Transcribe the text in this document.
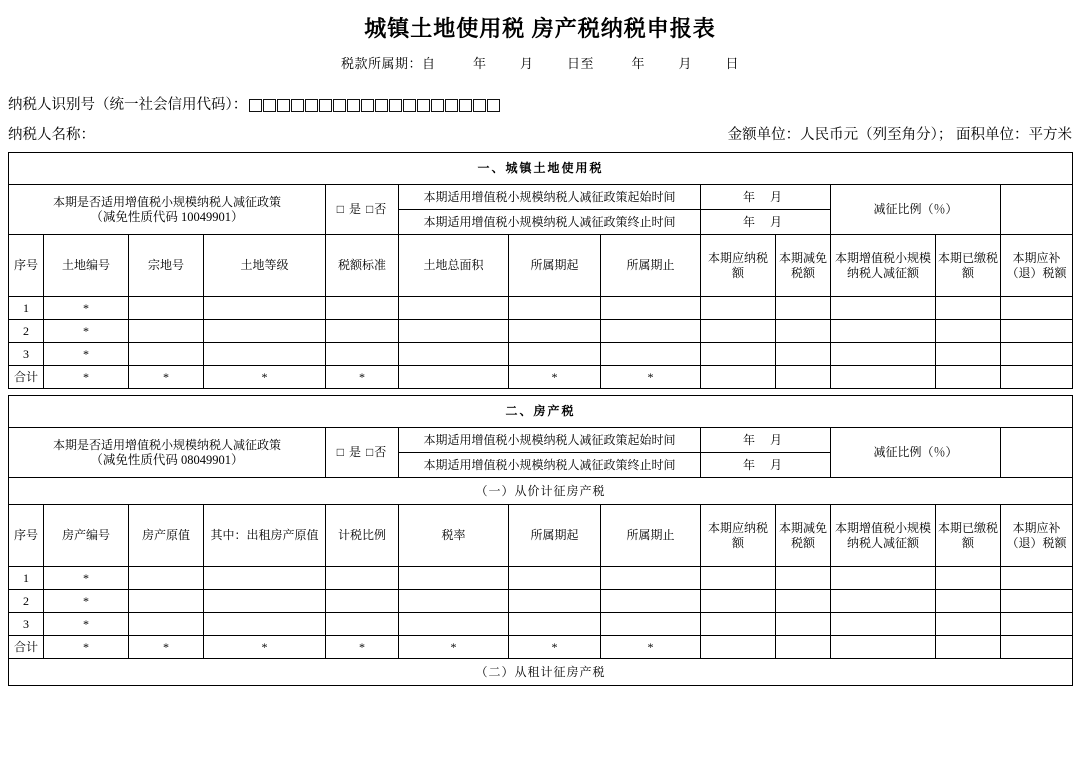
城镇土地使用税 房产税纳税申报表
税款所属期：自	年	月	日至	年	月	日
纳税人识别号（统一社会信用代码）：
纳税人名称：	金额单位：人民币元（列至角分）； 面积单位：平方米
一、城镇土地使用税												

本期是否适用增值税小规模纳税人减征政策
（减免性质代码 10049901）				□ 是 □否	本期适用增值税小规模纳税人减征政策起始时间			年 月		减征比例（％）		
					本期适用增值税小规模纳税人减征政策终止时间			年 月				
序号	土地编号	宗地号	土地等级	税额标准	土地总面积	所属期起	所属期止	本期应纳税额	本期减免税额	本期增值税小规模纳税人减征额	本期已缴税额	本期应补（退）税额
1	*											
2	*											
3	*											
合计	*	*	*	*		*	*					
二、房产税												

本期是否适用增值税小规模纳税人减征政策
（减免性质代码 08049901）				□ 是 □否	本期适用增值税小规模纳税人减征政策起始时间			年 月		减征比例（％）		
					本期适用增值税小规模纳税人减征政策终止时间			年 月				
（一）从价计征房产税												
序号	房产编号	房产原值	其中：出租房产原值	计税比例	税率	所属期起	所属期止	本期应纳税额	本期减免税额	本期增值税小规模纳税人减征额	本期已缴税额	本期应补（退）税额
1	*											
2	*											
3	*											
合计	*	*	*	*	*	*	*					
（二）从租计征房产税												
